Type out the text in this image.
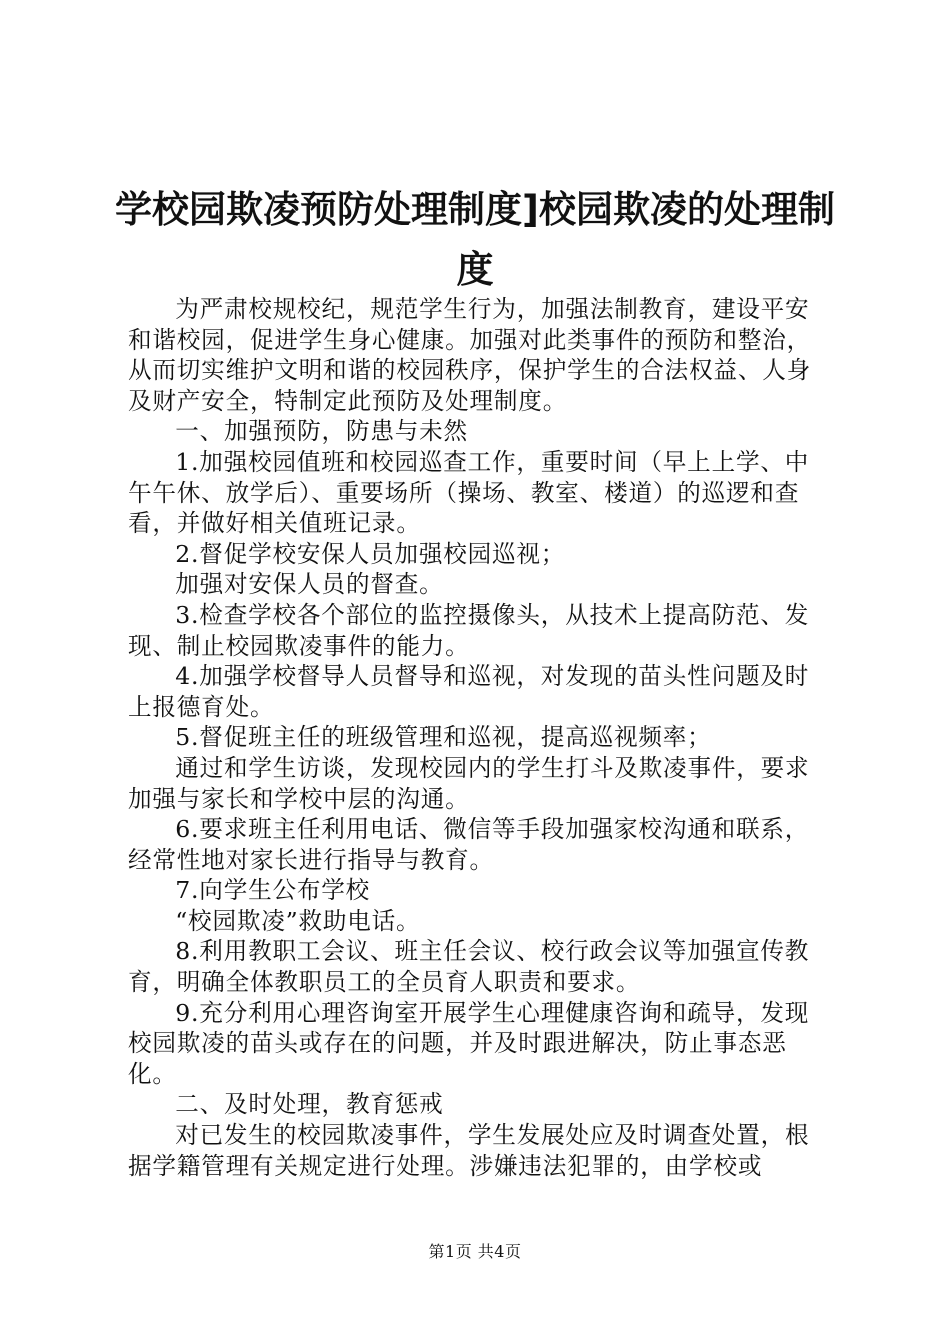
学校园欺凌预防处理制度]校园欺凌的处理制度

为严肃校规校纪，规范学生行为，加强法制教育，建设平安和谐校园，促进学生身心健康。加强对此类事件的预防和整治，从而切实维护文明和谐的校园秩序，保护学生的合法权益、人身及财产安全，特制定此预防及处理制度。

一、加强预防，防患与未然

1.加强校园值班和校园巡查工作，重要时间（早上上学、中午午休、放学后）、重要场所（操场、教室、楼道）的巡逻和查看，并做好相关值班记录。

2.督促学校安保人员加强校园巡视；

加强对安保人员的督查。

3.检查学校各个部位的监控摄像头，从技术上提高防范、发现、制止校园欺凌事件的能力。

4.加强学校督导人员督导和巡视，对发现的苗头性问题及时上报德育处。

5.督促班主任的班级管理和巡视，提高巡视频率；

通过和学生访谈，发现校园内的学生打斗及欺凌事件，要求加强与家长和学校中层的沟通。

6.要求班主任利用电话、微信等手段加强家校沟通和联系，经常性地对家长进行指导与教育。

7.向学生公布学校

“校园欺凌”救助电话。

8.利用教职工会议、班主任会议、校行政会议等加强宣传教育，明确全体教职员工的全员育人职责和要求。

9.充分利用心理咨询室开展学生心理健康咨询和疏导，发现校园欺凌的苗头或存在的问题，并及时跟进解决，防止事态恶化。

二、及时处理，教育惩戒

对已发生的校园欺凌事件，学生发展处应及时调查处置，根据学籍管理有关规定进行处理。涉嫌违法犯罪的，由学校或

第1页 共4页
